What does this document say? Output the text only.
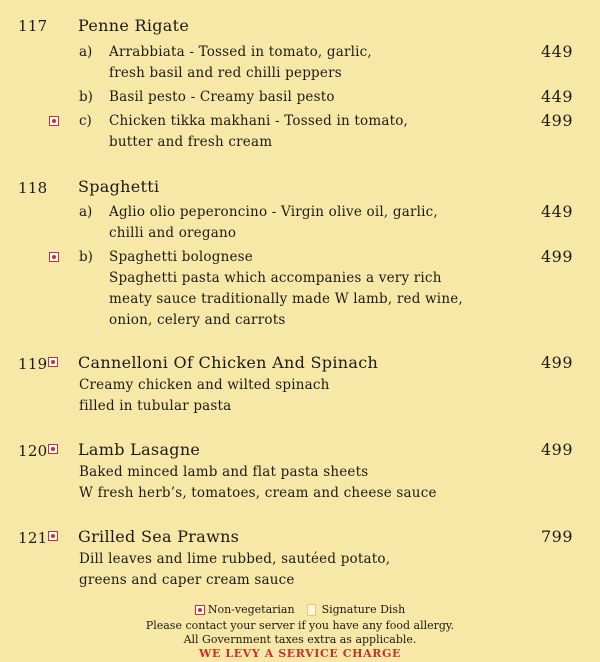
117 Penne Rigate
a) Arrabbiata - Tossed in tomato, garlic,
fresh basil and red chilli peppers
449
b) Basil pesto - Creamy basil pesto	449
c) Chicken tikka makhani - Tossed in tomato,
butter and fresh cream
499
118 Spaghetti
a) Aglio olio peperoncino - Virgin olive oil, garlic,
chilli and oregano
449
b) Spaghetti bolognese
Spaghetti pasta which accompanies a very rich
meaty sauce traditionally made W lamb, red wine,
onion, celery and carrots
499
119 Cannelloni Of Chicken And Spinach
Creamy chicken and wilted spinach
filled in tubular pasta
499
120 Lamb Lasagne
Baked minced lamb and flat pasta sheets
W fresh herb’s, tomatoes, cream and cheese sauce
499
121 Grilled Sea Prawns
Dill leaves and lime rubbed, sautéed potato,
greens and caper cream sauce
799
Non-vegetarian Signature Dish
Please contact your server if you have any food allergy.
All Government taxes extra as applicable.
WE LEVY A SERVICE CHARGE
